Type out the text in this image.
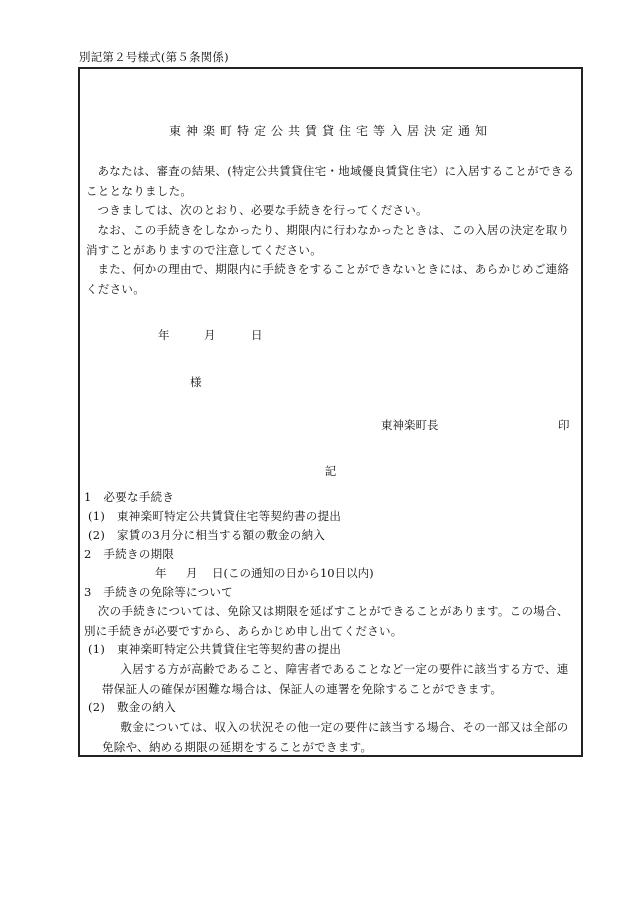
別記第２号様式(第５条関係)
東神楽町特定公共賃貸住宅等入居決定通知
あなたは、審査の結果、(特定公共賃貸住宅・地域優良賃貸住宅）に入居することができることとなりました。
つきましては、次のとおり、必要な手続きを行ってください。
なお、この手続きをしなかったり、期限内に行わなかったときは、この入居の決定を取り消すことがありますので注意してください。
また、何かの理由で、期限内に手続きをすることができないときには、あらかじめご連絡ください。
年	月	日
様
東神楽町長	印
記
1　必要な手続き
(1)　東神楽町特定公共賃貸住宅等契約書の提出
(2)　家賃の3月分に相当する額の敷金の納入
2　手続きの期限
年 月 日(この通知の日から10日以内)
3　手続きの免除等について
次の手続きについては、免除又は期限を延ばすことができることがあります。この場合、別に手続きが必要ですから、あらかじめ申し出てください。
(1)　東神楽町特定公共賃貸住宅等契約書の提出
入居する方が高齢であること、障害者であることなど一定の要件に該当する方で、連帯保証人の確保が困難な場合は、保証人の連署を免除することができます。
(2)　敷金の納入
敷金については、収入の状況その他一定の要件に該当する場合、その一部又は全部の免除や、納める期限の延期をすることができます。
